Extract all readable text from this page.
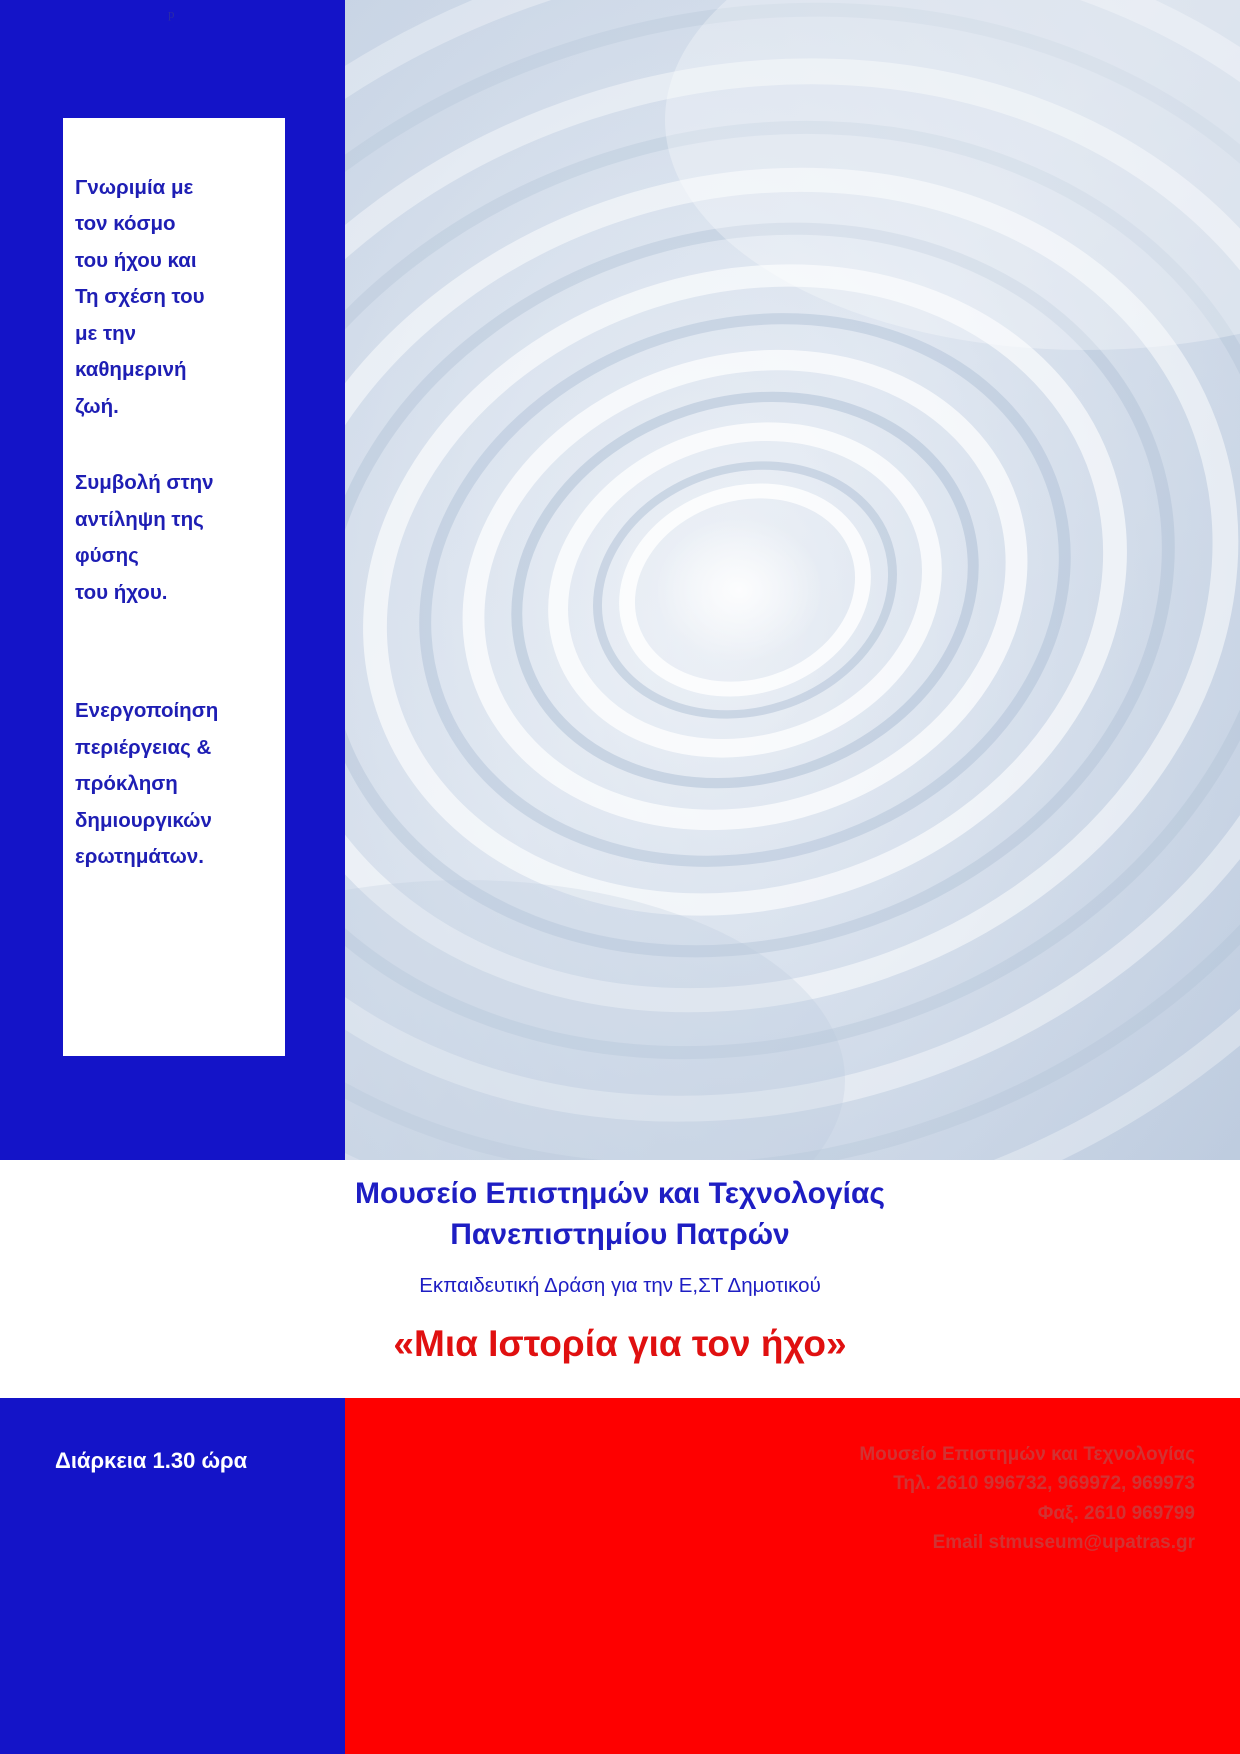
p

Γνωριμία με
τον κόσμο
του ήχου και
Τη σχέση του
με την
καθημερινή
ζωή.

Συμβολή στην
αντίληψη της
φύσης
του ήχου.

Ενεργοποίηση
περιέργειας &
πρόκληση
δημιουργικών
ερωτημάτων.

Μουσείο Επιστημών και Τεχνολογίας
Πανεπιστημίου Πατρών
Εκπαιδευτική Δράση για την Ε,ΣΤ Δημοτικού
«Μια Ιστορία για τον ήχο»
Διάρκεια 1.30 ώρα	Μουσείο Επιστημών και Τεχνολογίας
Τηλ. 2610 996732, 969972, 969973
Φαξ. 2610 969799
Email stmuseum@upatras.gr
